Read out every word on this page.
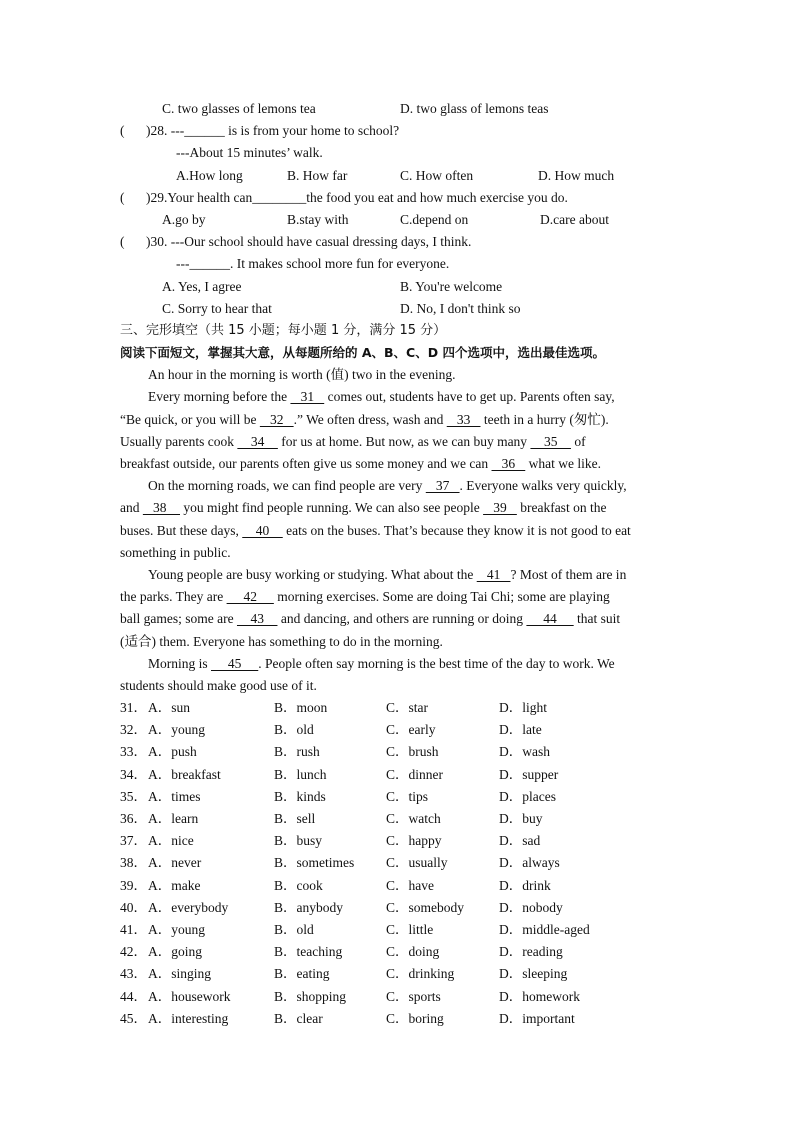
C. two glasses of lemons tea	D. two glass of lemons teas
( )28. ---______ is is from your home to school?
---About 15 minutes’ walk.
A.How long	B. How far	C. How often	D. How much
( )29.Your health can________the food you eat and how much exercise you do.
A.go by	B.stay with	C.depend on	D.care about
( )30. ---Our school should have casual dressing days, I think.
---______. It makes school more fun for everyone.
A. Yes, I agree	B. You're welcome
C. Sorry to hear that	D. No, I don't think so
三、完形填空（共 15 小题；每小题 1 分，满分 15 分）
阅读下面短文，掌握其大意，从每题所给的 A、B、C、D 四个选项中，选出最佳选项。
An hour in the morning is worth (值) two in the evening.
Every morning before the    31    comes out, students have to get up. Parents often say,
“Be quick, or you will be    32   .” We often dress, wash and    33    teeth in a hurry (匆忙).
Usually parents cook     34     for us at home. But now, as we can buy many     35     of
breakfast outside, our parents often give us some money and we can    36    what we like.
On the morning roads, we can find people are very    37   . Everyone walks very quickly,
and    38     you might find people running. We can also see people    39    breakfast on the
buses. But these days,     40     eats on the buses. That’s because they know it is not good to eat
something in public.
Young people are busy working or studying. What about the    41   ? Most of them are in
the parks. They are      42      morning exercises. Some are doing Tai Chi; some are playing
ball games; some are     43     and dancing, and others are running or doing      44      that suit
(适合) them. Everyone has something to do in the morning.
Morning is      45     . People often say morning is the best time of the day to work. We
students should make good use of it.
31． A．sun	B．moon	C．star	D．light
32． A．young	B．old	C．early	D．late
33． A．push	B．rush	C．brush	D．wash
34． A．breakfast	B．lunch	C．dinner	D．supper
35． A．times	B．kinds	C．tips	D．places
36． A．learn	B．sell	C．watch	D．buy
37． A．nice	B．busy	C．happy	D．sad
38． A．never	B．sometimes C．usually	D．always
39． A．make	B．cook	C．have	D．drink
40． A．everybody	B．anybody	C．somebody	D．nobody
41． A．young	B．old	C．little	D．middle-aged
42． A．going	B．teaching	C．doing	D．reading
43． A．singing	B．eating	C．drinking	D．sleeping
44． A．housework	B．shopping	C．sports	D．homework
45． A．interesting	B．clear	C．boring	D．important
